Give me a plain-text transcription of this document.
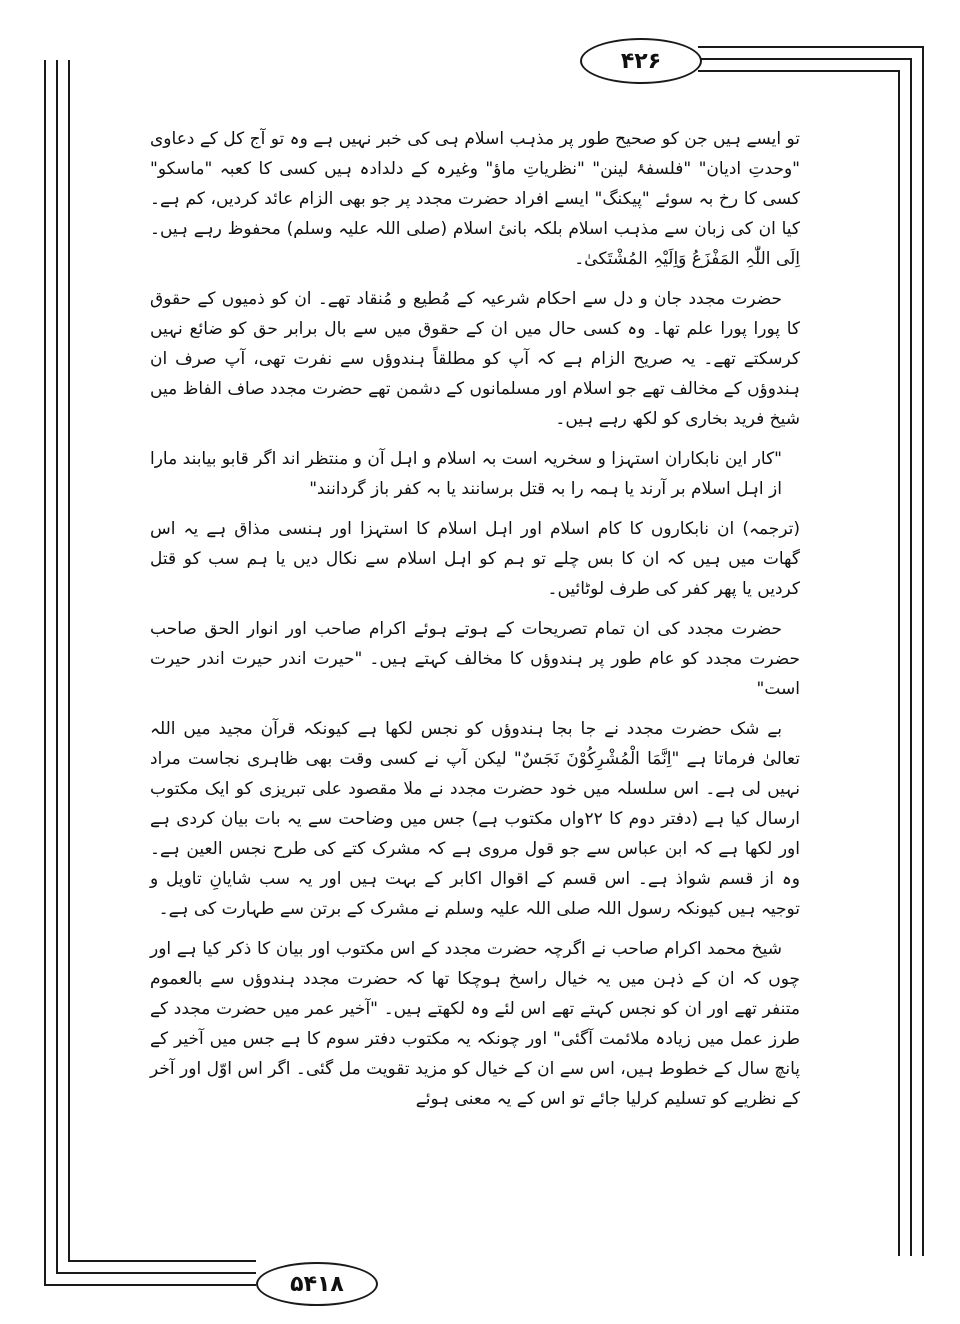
۴۲۶
۵۴۱۸

تو ایسے ہیں جن کو صحیح طور پر مذہب اسلام ہی کی خبر نہیں ہے وہ تو آج کل کے دعاوی "وحدتِ ادیان" "فلسفۂ لینن" "نظریاتِ ماؤ" وغیرہ کے دلدادہ ہیں کسی کا کعبہ "ماسکو" کسی کا رخ بہ سوئے "پیکنگ" ایسے افراد حضرت مجدد پر جو بھی الزام عائد کردیں، کم ہے۔ کیا ان کی زبان سے مذہب اسلام بلکہ بانیٔ اسلام (صلی اللہ علیہ وسلم) محفوظ رہے ہیں۔ اِلَی اللّٰہِ المَفْزَعُ وَاِلَیْہِ المُشْتَکیٰ۔

حضرت مجدد جان و دل سے احکام شرعیہ کے مُطیع و مُنقاد تھے۔ ان کو ذمیوں کے حقوق کا پورا پورا علم تھا۔ وہ کسی حال میں ان کے حقوق میں سے بال برابر حق کو ضائع نہیں کرسکتے تھے۔ یہ صریح الزام ہے کہ آپ کو مطلقاً ہندوؤں سے نفرت تھی، آپ صرف ان ہندوؤں کے مخالف تھے جو اسلام اور مسلمانوں کے دشمن تھے حضرت مجدد صاف الفاظ میں شیخ فرید بخاری کو لکھ رہے ہیں۔

"کار این نابکاران استہزا و سخریہ است بہ اسلام و اہل آن و منتظر اند اگر قابو بیابند مارا از اہل اسلام بر آرند یا ہمہ را بہ قتل برسانند یا بہ کفر باز گردانند"

(ترجمہ) ان نابکاروں کا کام اسلام اور اہل اسلام کا استہزا اور ہنسی مذاق ہے یہ اس گھات میں ہیں کہ ان کا بس چلے تو ہم کو اہل اسلام سے نکال دیں یا ہم سب کو قتل کردیں یا پھر کفر کی طرف لوٹائیں۔

حضرت مجدد کی ان تمام تصریحات کے ہوتے ہوئے اکرام صاحب اور انوار الحق صاحب حضرت مجدد کو عام طور پر ہندوؤں کا مخالف کہتے ہیں۔ "حیرت اندر حیرت اندر حیرت است"

بے شک حضرت مجدد نے جا بجا ہندوؤں کو نجس لکھا ہے کیونکہ قرآن مجید میں اللہ تعالیٰ فرماتا ہے "اِنَّمَا الْمُشْرِکُوْنَ نَجَسٌ" لیکن آپ نے کسی وقت بھی ظاہری نجاست مراد نہیں لی ہے۔ اس سلسلہ میں خود حضرت مجدد نے ملا مقصود علی تبریزی کو ایک مکتوب ارسال کیا ہے (دفتر دوم کا ۲۲واں مکتوب ہے) جس میں وضاحت سے یہ بات بیان کردی ہے اور لکھا ہے کہ ابن عباس سے جو قول مروی ہے کہ مشرک کتے کی طرح نجس العین ہے۔ وہ از قسم شواذ ہے۔ اس قسم کے اقوال اکابر کے بہت ہیں اور یہ سب شایانِ تاویل و توجیہ ہیں کیونکہ رسول اللہ صلی اللہ علیہ وسلم نے مشرک کے برتن سے طہارت کی ہے۔

شیخ محمد اکرام صاحب نے اگرچہ حضرت مجدد کے اس مکتوب اور بیان کا ذکر کیا ہے اور چوں کہ ان کے ذہن میں یہ خیال راسخ ہوچکا تھا کہ حضرت مجدد ہندوؤں سے بالعموم متنفر تھے اور ان کو نجس کہتے تھے اس لئے وہ لکھتے ہیں۔ "آخیر عمر میں حضرت مجدد کے طرز عمل میں زیادہ ملائمت آگئی" اور چونکہ یہ مکتوب دفتر سوم کا ہے جس میں آخیر کے پانچ سال کے خطوط ہیں، اس سے ان کے خیال کو مزید تقویت مل گئی۔ اگر اس اوّل اور آخر کے نظریے کو تسلیم کرلیا جائے تو اس کے یہ معنی ہوئے
